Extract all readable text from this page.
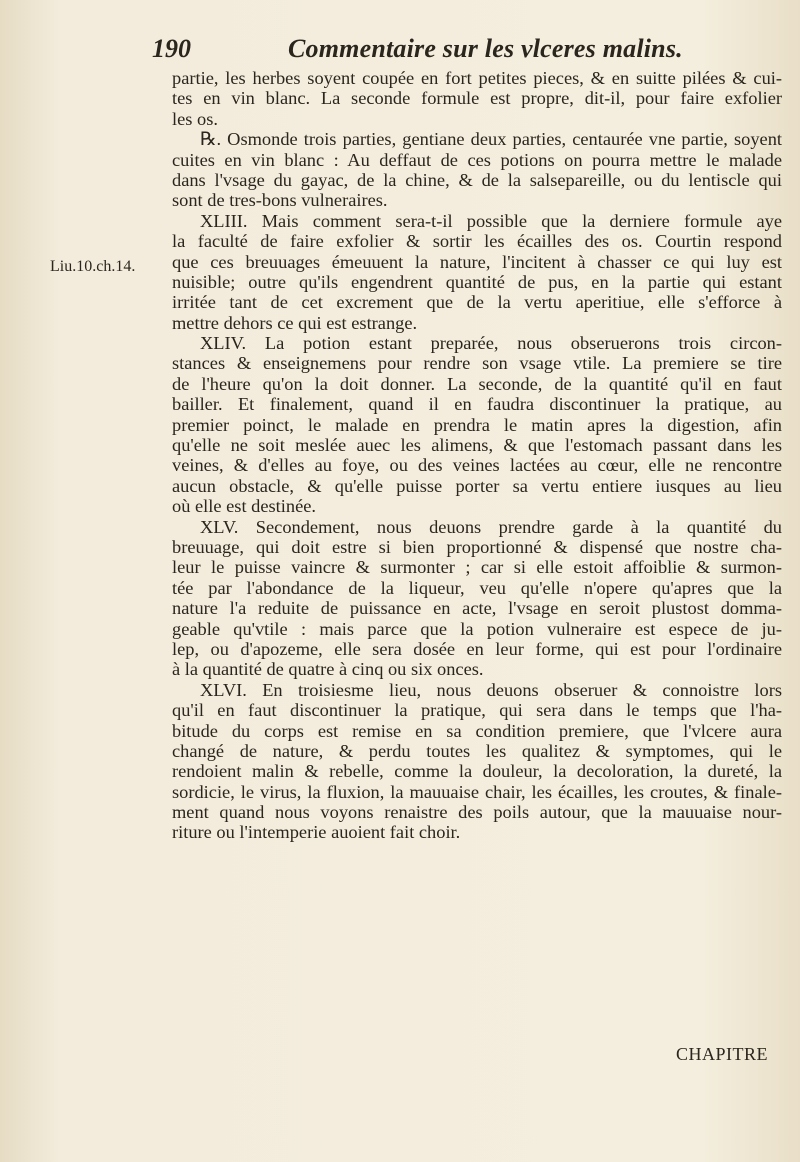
190	Commentaire sur les vlceres malins.
Liu.10.ch.14.
partie, les herbes soyent coupée en fort petites pieces, & en suitte pilées & cui-
tes en vin blanc. La seconde formule est propre, dit-il, pour faire exfolier
les os.
℞. Osmonde trois parties, gentiane deux parties, centaurée vne partie, soyent
cuites en vin blanc : Au deffaut de ces potions on pourra mettre le malade
dans l'vsage du gayac, de la chine, & de la salsepareille, ou du lentiscle qui
sont de tres-bons vulneraires.
XLIII. Mais comment sera-t-il possible que la derniere formule aye
la faculté de faire exfolier & sortir les écailles des os. Courtin respond
que ces breuuages émeuuent la nature, l'incitent à chasser ce qui luy est
nuisible; outre qu'ils engendrent quantité de pus, en la partie qui estant
irritée tant de cet excrement que de la vertu aperitiue, elle s'efforce à
mettre dehors ce qui est estrange.
XLIV. La potion estant preparée, nous obseruerons trois circon-
stances & enseignemens pour rendre son vsage vtile. La premiere se tire
de l'heure qu'on la doit donner. La seconde, de la quantité qu'il en faut
bailler. Et finalement, quand il en faudra discontinuer la pratique, au
premier poinct, le malade en prendra le matin apres la digestion, afin
qu'elle ne soit meslée auec les alimens, & que l'estomach passant dans les
veines, & d'elles au foye, ou des veines lactées au cœur, elle ne rencontre
aucun obstacle, & qu'elle puisse porter sa vertu entiere iusques au lieu
où elle est destinée.
XLV. Secondement, nous deuons prendre garde à la quantité du
breuuage, qui doit estre si bien proportionné & dispensé que nostre cha-
leur le puisse vaincre & surmonter ; car si elle estoit affoiblie & surmon-
tée par l'abondance de la liqueur, veu qu'elle n'opere qu'apres que la
nature l'a reduite de puissance en acte, l'vsage en seroit plustost domma-
geable qu'vtile : mais parce que la potion vulneraire est espece de ju-
lep, ou d'apozeme, elle sera dosée en leur forme, qui est pour l'ordinaire
à la quantité de quatre à cinq ou six onces.
XLVI. En troisiesme lieu, nous deuons obseruer & connoistre lors
qu'il en faut discontinuer la pratique, qui sera dans le temps que l'ha-
bitude du corps est remise en sa condition premiere, que l'vlcere aura
changé de nature, & perdu toutes les qualitez & symptomes, qui le
rendoient malin & rebelle, comme la douleur, la decoloration, la dureté, la
sordicie, le virus, la fluxion, la mauuaise chair, les écailles, les croutes, & finale-
ment quand nous voyons renaistre des poils autour, que la mauuaise nour-
riture ou l'intemperie auoient fait choir.
CHAPITRE
